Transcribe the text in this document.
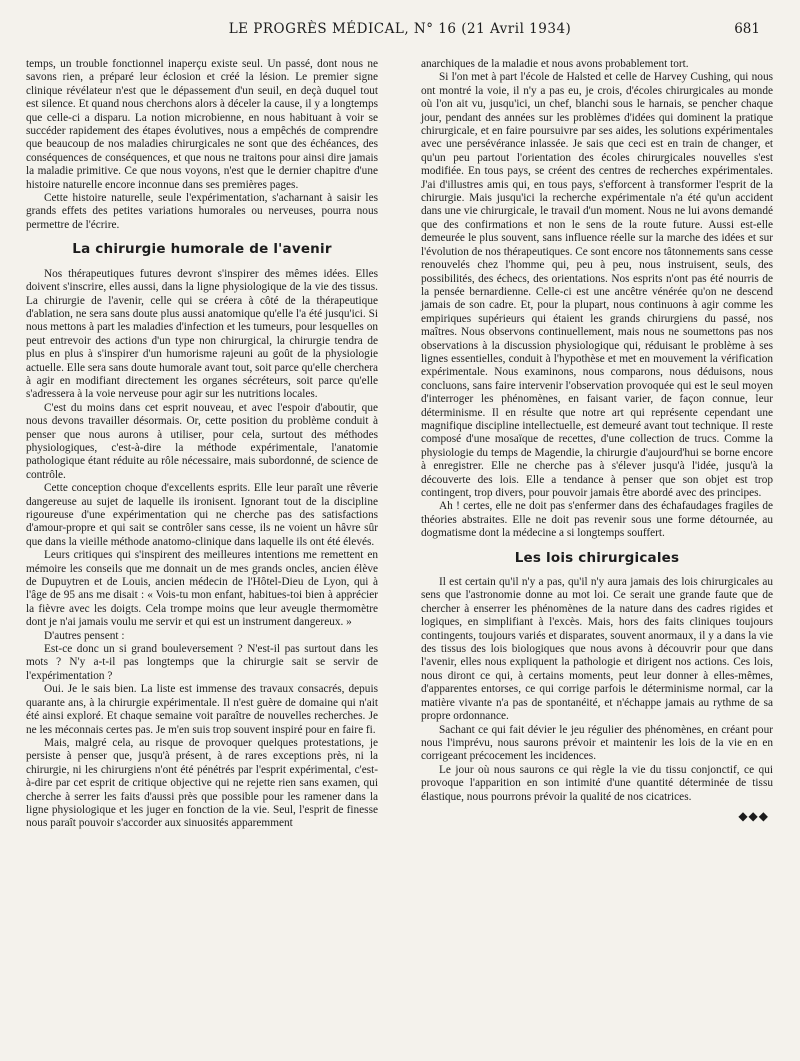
LE PROGRÈS MÉDICAL, N° 16 (21 Avril 1934)	681

temps, un trouble fonctionnel inaperçu existe seul. Un passé, dont nous ne savons rien, a préparé leur éclosion et créé la lésion. Le premier signe clinique révélateur n'est que le dépassement d'un seuil, en deçà duquel tout est silence. Et quand nous cherchons alors à déceler la cause, il y a longtemps que celle-ci a disparu. La notion microbienne, en nous habituant à voir se succéder rapidement des étapes évolutives, nous a empêchés de comprendre que beaucoup de nos maladies chirurgicales ne sont que des échéances, des conséquences de conséquences, et que nous ne traitons pour ainsi dire jamais la maladie primitive. Ce que nous voyons, n'est que le dernier chapitre d'une histoire naturelle encore inconnue dans ses premières pages.

Cette histoire naturelle, seule l'expérimentation, s'acharnant à saisir les grands effets des petites variations humorales ou nerveuses, pourra nous permettre de l'écrire.

La chirurgie humorale de l'avenir

Nos thérapeutiques futures devront s'inspirer des mêmes idées. Elles doivent s'inscrire, elles aussi, dans la ligne physiologique de la vie des tissus. La chirurgie de l'avenir, celle qui se créera à côté de la thérapeutique d'ablation, ne sera sans doute plus aussi anatomique qu'elle l'a été jusqu'ici. Si nous mettons à part les maladies d'infection et les tumeurs, pour lesquelles on peut entrevoir des actions d'un type non chirurgical, la chirurgie tendra de plus en plus à s'inspirer d'un humorisme rajeuni au goût de la physiologie actuelle. Elle sera sans doute humorale avant tout, soit parce qu'elle cherchera à agir en modifiant directement les organes sécréteurs, soit parce qu'elle s'adressera à la voie nerveuse pour agir sur les nutritions locales.

C'est du moins dans cet esprit nouveau, et avec l'espoir d'aboutir, que nous devons travailler désormais. Or, cette position du problème conduit à penser que nous aurons à utiliser, pour cela, surtout des méthodes physiologiques, c'est-à-dire la méthode expérimentale, l'anatomie pathologique étant réduite au rôle nécessaire, mais subordonné, de science de contrôle.

Cette conception choque d'excellents esprits. Elle leur paraît une rêverie dangereuse au sujet de laquelle ils ironisent. Ignorant tout de la discipline rigoureuse d'une expérimentation qui ne cherche pas des satisfactions d'amour-propre et qui sait se contrôler sans cesse, ils ne voient un hâvre sûr que dans la vieille méthode anatomo-clinique dans laquelle ils ont été élevés.

Leurs critiques qui s'inspirent des meilleures intentions me remettent en mémoire les conseils que me donnait un de mes grands oncles, ancien élève de Dupuytren et de Louis, ancien médecin de l'Hôtel-Dieu de Lyon, qui à l'âge de 95 ans me disait : « Vois-tu mon enfant, habitues-toi bien à apprécier la fièvre avec les doigts. Cela trompe moins que leur aveugle thermomètre dont je n'ai jamais voulu me servir et qui est un instrument dangereux. »

D'autres pensent :

Est-ce donc un si grand bouleversement ? N'est-il pas surtout dans les mots ? N'y a-t-il pas longtemps que la chirurgie sait se servir de l'expérimentation ?

Oui. Je le sais bien. La liste est immense des travaux consacrés, depuis quarante ans, à la chirurgie expérimentale. Il n'est guère de domaine qui n'ait été ainsi exploré. Et chaque semaine voit paraître de nouvelles recherches. Je ne les méconnais certes pas. Je m'en suis trop souvent inspiré pour en faire fi.

Mais, malgré cela, au risque de provoquer quelques protestations, je persiste à penser que, jusqu'à présent, à de rares exceptions près, ni la chirurgie, ni les chirurgiens n'ont été pénétrés par l'esprit expérimental, c'est-à-dire par cet esprit de critique objective qui ne rejette rien sans examen, qui cherche à serrer les faits d'aussi près que possible pour les ramener dans la ligne physiologique et les juger en fonction de la vie. Seul, l'esprit de finesse nous paraît pouvoir s'accorder aux sinuosités apparemment

anarchiques de la maladie et nous avons probablement tort.

Si l'on met à part l'école de Halsted et celle de Harvey Cushing, qui nous ont montré la voie, il n'y a pas eu, je crois, d'écoles chirurgicales au monde où l'on ait vu, jusqu'ici, un chef, blanchi sous le harnais, se pencher chaque jour, pendant des années sur les problèmes d'idées qui dominent la pratique chirurgicale, et en faire poursuivre par ses aides, les solutions expérimentales avec une persévérance inlassée. Je sais que ceci est en train de changer, et qu'un peu partout l'orientation des écoles chirurgicales nouvelles s'est modifiée. En tous pays, se créent des centres de recherches expérimentales. J'ai d'illustres amis qui, en tous pays, s'efforcent à transformer l'esprit de la chirurgie. Mais jusqu'ici la recherche expérimentale n'a été qu'un accident dans une vie chirurgicale, le travail d'un moment. Nous ne lui avons demandé que des confirmations et non le sens de la route future. Aussi est-elle demeurée le plus souvent, sans influence réelle sur la marche des idées et sur l'évolution de nos thérapeutiques. Ce sont encore nos tâtonnements sans cesse renouvelés chez l'homme qui, peu à peu, nous instruisent, seuls, des possibilités, des échecs, des orientations. Nos esprits n'ont pas été nourris de la pensée bernardienne. Celle-ci est une ancêtre vénérée qu'on ne descend jamais de son cadre. Et, pour la plupart, nous continuons à agir comme les empiriques supérieurs qui étaient les grands chirurgiens du passé, nos maîtres. Nous observons continuellement, mais nous ne soumettons pas nos observations à la discussion physiologique qui, réduisant le problème à ses lignes essentielles, conduit à l'hypothèse et met en mouvement la vérification expérimentale. Nous examinons, nous comparons, nous déduisons, nous concluons, sans faire intervenir l'observation provoquée qui est le seul moyen d'interroger les phénomènes, en faisant varier, de façon connue, leur déterminisme. Il en résulte que notre art qui représente cependant une magnifique discipline intellectuelle, est demeuré avant tout technique. Il reste composé d'une mosaïque de recettes, d'une collection de trucs. Comme la physiologie du temps de Magendie, la chirurgie d'aujourd'hui se borne encore à enregistrer. Elle ne cherche pas à s'élever jusqu'à l'idée, jusqu'à la découverte des lois. Elle a tendance à penser que son objet est trop contingent, trop divers, pour pouvoir jamais être abordé avec des principes.

Ah ! certes, elle ne doit pas s'enfermer dans des échafaudages fragiles de théories abstraites. Elle ne doit pas revenir sous une forme détournée, au dogmatisme dont la médecine a si longtemps souffert.

Les lois chirurgicales

Il est certain qu'il n'y a pas, qu'il n'y aura jamais des lois chirurgicales au sens que l'astronomie donne au mot loi. Ce serait une grande faute que de chercher à enserrer les phénomènes de la nature dans des cadres rigides et logiques, en simplifiant à l'excès. Mais, hors des faits cliniques toujours contingents, toujours variés et disparates, souvent anormaux, il y a dans la vie des tissus des lois biologiques que nous avons à découvrir pour que dans l'avenir, elles nous expliquent la pathologie et dirigent nos actions. Ces lois, nous diront ce qui, à certains moments, peut leur donner à elles-mêmes, d'apparentes entorses, ce qui corrige parfois le déterminisme normal, car la matière vivante n'a pas de spontanéité, et n'échappe jamais au rythme de sa propre ordonnance.

Sachant ce qui fait dévier le jeu régulier des phénomènes, en créant pour nous l'imprévu, nous saurons prévoir et maintenir les lois de la vie en en corrigeant précocement les incidences.

Le jour où nous saurons ce qui règle la vie du tissu conjonctif, ce qui provoque l'apparition en son intimité d'une quantité déterminée de tissu élastique, nous pourrons prévoir la qualité de nos cicatrices.

◆◆◆
